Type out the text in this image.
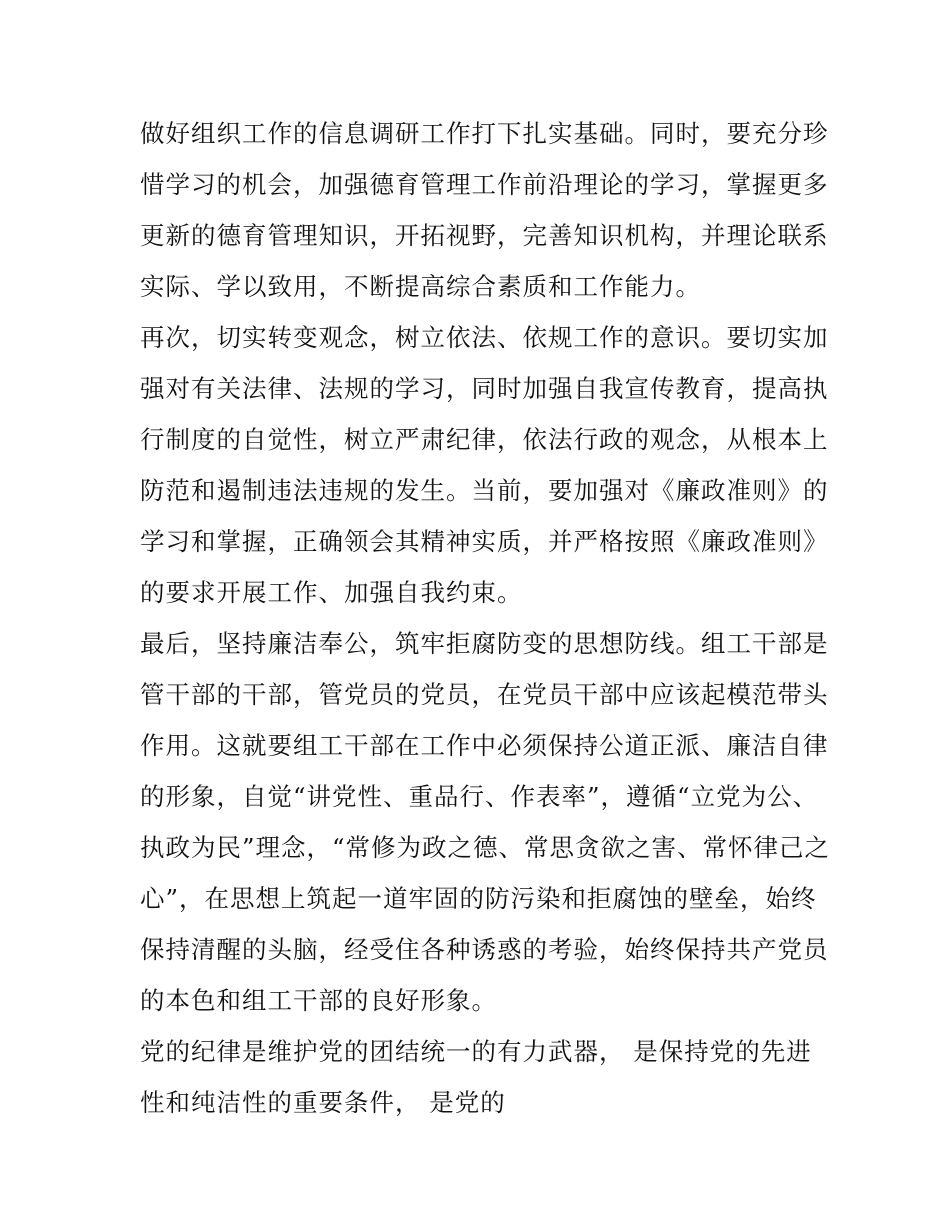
做好组织工作的信息调研工作打下扎实基础。同时，要充分珍
惜学习的机会，加强德育管理工作前沿理论的学习，掌握更多
更新的德育管理知识，开拓视野，完善知识机构，并理论联系
实际、学以致用，不断提高综合素质和工作能力。
再次，切实转变观念，树立依法、依规工作的意识。要切实加
强对有关法律、法规的学习，同时加强自我宣传教育，提高执
行制度的自觉性，树立严肃纪律，依法行政的观念，从根本上
防范和遏制违法违规的发生。当前，要加强对《廉政准则》的
学习和掌握，正确领会其精神实质，并严格按照《廉政准则》
的要求开展工作、加强自我约束。
最后，坚持廉洁奉公，筑牢拒腐防变的思想防线。组工干部是
管干部的干部，管党员的党员，在党员干部中应该起模范带头
作用。这就要组工干部在工作中必须保持公道正派、廉洁自律
的形象，自觉“讲党性、重品行、作表率”，遵循“立党为公、
执政为民”理念，“常修为政之德、常思贪欲之害、常怀律己之
心”，在思想上筑起一道牢固的防污染和拒腐蚀的壁垒，始终
保持清醒的头脑，经受住各种诱惑的考验，始终保持共产党员
的本色和组工干部的良好形象。
党的纪律是维护党的团结统一的有力武器， 是保持党的先进
性和纯洁性的重要条件， 是党的
